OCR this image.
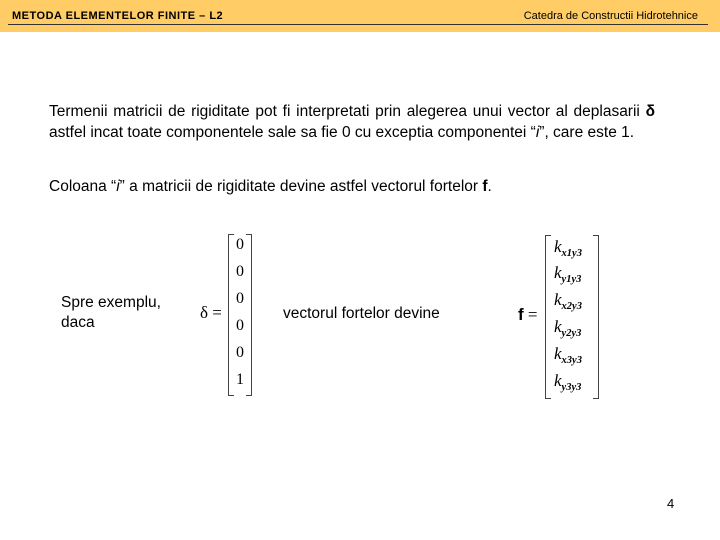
METODA ELEMENTELOR FINITE – L2	Catedra de Constructii Hidrotehnice
Termenii matricii de rigiditate pot fi interpretati prin alegerea unui vector al deplasarii δ astfel incat toate componentele sale sa fie 0 cu exceptia componentei “i”, care este 1.
Coloana “i” a matricii de rigiditate devine astfel vectorul fortelor f.
Spre exemplu,
daca
δ =
0
0
0
0
0
1
vectorul fortelor devine	f =
$k_{x1y3}$
$k_{y1y3}$
$k_{x2y3}$
$k_{y2y3}$
$k_{x3y3}$
$k_{y3y3}$
4
